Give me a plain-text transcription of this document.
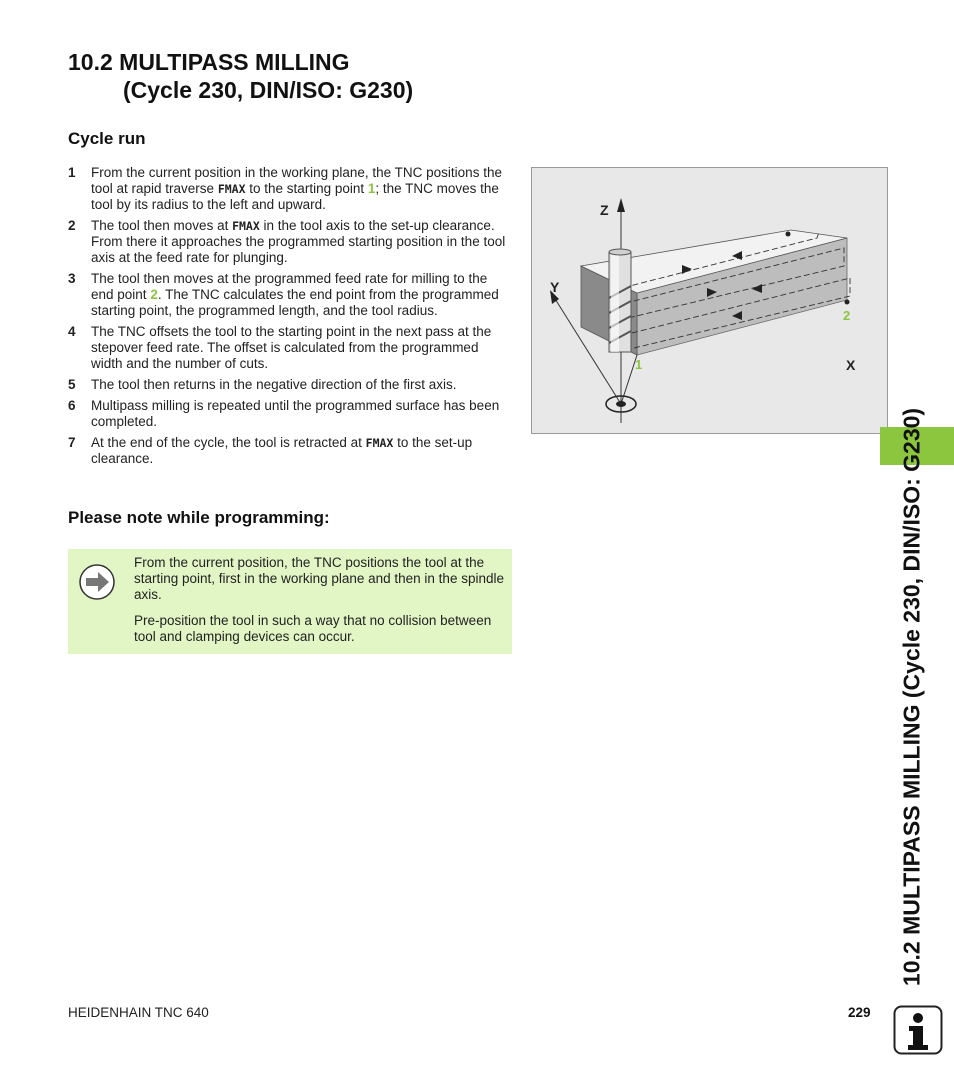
10.2 MULTIPASS MILLING
(Cycle 230, DIN/ISO: G230)
Cycle run
1 From the current position in the working plane, the TNC positions the tool at rapid traverse FMAX to the starting point 1; the TNC moves the tool by its radius to the left and upward.
2 The tool then moves at FMAX in the tool axis to the set-up clearance. From there it approaches the programmed starting position in the tool axis at the feed rate for plunging.
3 The tool then moves at the programmed feed rate for milling to the end point 2. The TNC calculates the end point from the programmed starting point, the programmed length, and the tool radius.
4 The TNC offsets the tool to the starting point in the next pass at the stepover feed rate. The offset is calculated from the programmed width and the number of cuts.
5 The tool then returns in the negative direction of the first axis.
6 Multipass milling is repeated until the programmed surface has been completed.
7 At the end of the cycle, the tool is retracted at FMAX to the set-up clearance.
Z
Y
X
1
2
Please note while programming:

From the current position, the TNC positions the tool at the starting point, first in the working plane and then in the spindle axis.

Pre-position the tool in such a way that no collision between tool and clamping devices can occur.	10.2 MULTIPASS MILLING (Cycle 230, DIN/ISO: G230)
HEIDENHAIN TNC 640	229
